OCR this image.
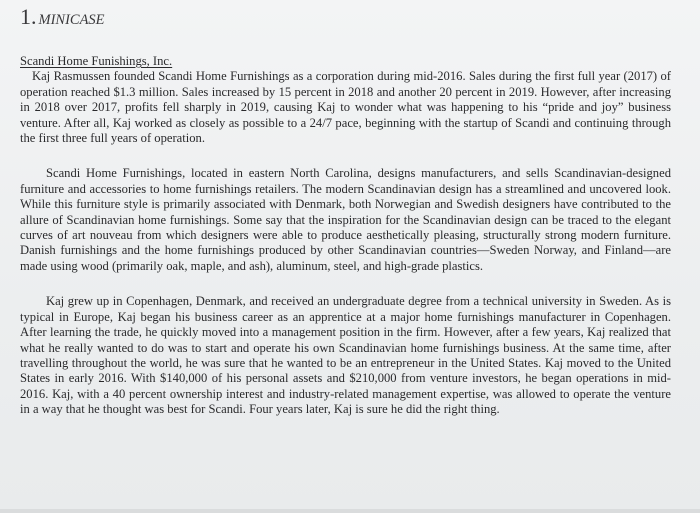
1. MINICASE
Scandi Home Funishings, Inc.

Kaj Rasmussen founded Scandi Home Furnishings as a corporation during mid-2016. Sales during the first full year (2017) of operation reached $1.3 million. Sales increased by 15 percent in 2018 and another 20 percent in 2019. However, after increasing in 2018 over 2017, profits fell sharply in 2019, causing Kaj to wonder what was happening to his “pride and joy” business venture. After all, Kaj worked as closely as possible to a 24/7 pace, beginning with the startup of Scandi and continuing through the first three full years of operation.

Scandi Home Furnishings, located in eastern North Carolina, designs manufacturers, and sells Scandinavian-designed furniture and accessories to home furnishings retailers. The modern Scandinavian design has a streamlined and uncovered look. While this furniture style is primarily associated with Denmark, both Norwegian and Swedish designers have contributed to the allure of Scandinavian home furnishings. Some say that the inspiration for the Scandinavian design can be traced to the elegant curves of art nouveau from which designers were able to produce aesthetically pleasing, structurally strong modern furniture. Danish furnishings and the home furnishings produced by other Scandinavian countries—Sweden Norway, and Finland—are made using wood (primarily oak, maple, and ash), aluminum, steel, and high-grade plastics.

Kaj grew up in Copenhagen, Denmark, and received an undergraduate degree from a technical university in Sweden. As is typical in Europe, Kaj began his business career as an apprentice at a major home furnishings manufacturer in Copenhagen. After learning the trade, he quickly moved into a management position in the firm. However, after a few years, Kaj realized that what he really wanted to do was to start and operate his own Scandinavian home furnishings business. At the same time, after travelling throughout the world, he was sure that he wanted to be an entrepreneur in the United States. Kaj moved to the United States in early 2016. With $140,000 of his personal assets and $210,000 from venture investors, he began operations in mid-2016. Kaj, with a 40 percent ownership interest and industry-related management expertise, was allowed to operate the venture in a way that he thought was best for Scandi. Four years later, Kaj is sure he did the right thing.
